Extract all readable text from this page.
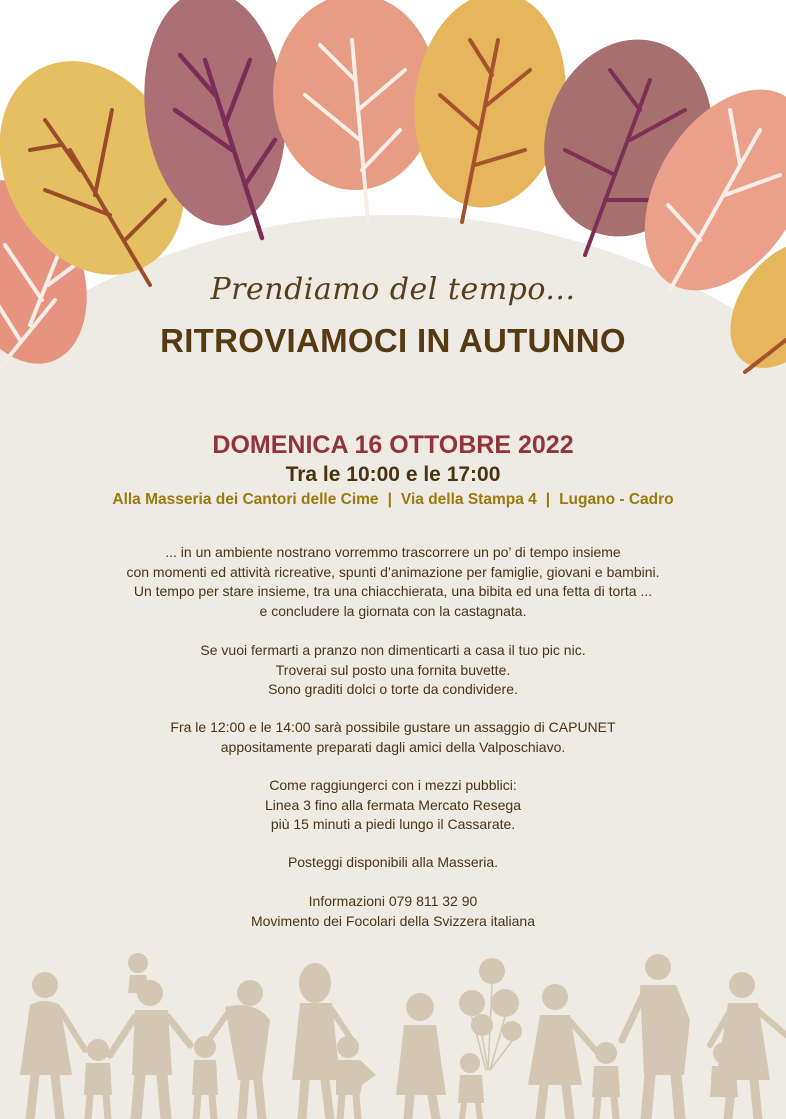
Prendiamo del tempo...
RITROVIAMOCI IN AUTUNNO
DOMENICA 16 OTTOBRE 2022
Tra le 10:00 e le 17:00
Alla Masseria dei Cantori delle Cime | Via della Stampa 4 | Lugano - Cadro
... in un ambiente nostrano vorremmo trascorrere un po’ di tempo insieme
con momenti ed attività ricreative, spunti d’animazione per famiglie, giovani e bambini.
Un tempo per stare insieme, tra una chiacchierata, una bibita ed una fetta di torta ...
e concludere la giornata con la castagnata.
Se vuoi fermarti a pranzo non dimenticarti a casa il tuo pic nic.
Troverai sul posto una fornita buvette.
Sono graditi dolci o torte da condividere.
Fra le 12:00 e le 14:00 sarà possibile gustare un assaggio di CAPUNET
appositamente preparati dagli amici della Valposchiavo.
Come raggiungerci con i mezzi pubblici:
Linea 3 fino alla fermata Mercato Resega
più 15 minuti a piedi lungo il Cassarate.
Posteggi disponibili alla Masseria.
Informazioni 079 811 32 90
Movimento dei Focolari della Svizzera italiana
